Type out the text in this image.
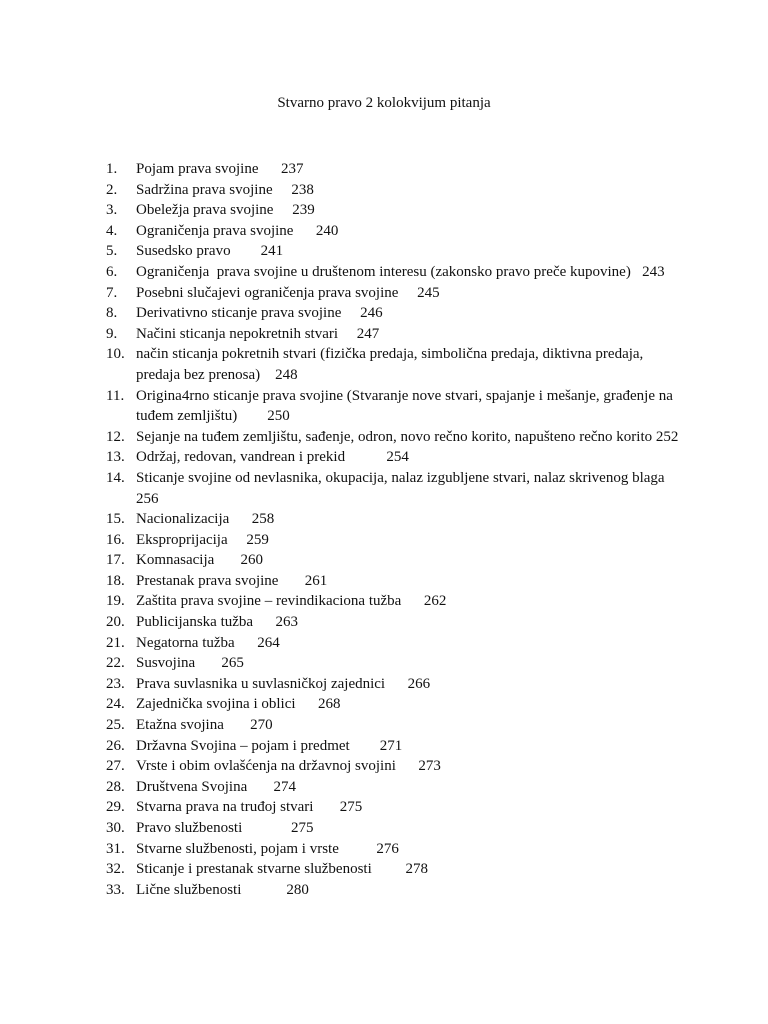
Stvarno pravo 2 kolokvijum pitanja
1.	Pojam prava svojine      237
2.	Sadržina prava svojine     238
3.	Obeležja prava svojine     239
4.	Ograničenja prava svojine      240
5.	Susedsko pravo        241
6.	Ograničenja  prava svojine u društenom interesu (zakonsko pravo preče kupovine)   243
7.	Posebni slučajevi ograničenja prava svojine     245
8.	Derivativno sticanje prava svojine     246
9.	Načini sticanja nepokretnih stvari     247
10. način sticanja pokretnih stvari (fizička predaja, simbolična predaja, diktivna predaja, predaja bez prenosa)    248
11. Origina4rno sticanje prava svojine (Stvaranje nove stvari, spajanje i mešanje, građenje na tuđem zemljištu)        250
12. Sejanje na tuđem zemljištu, sađenje, odron, novo rečno korito, napušteno rečno korito 252
13. Održaj, redovan, vandrean i prekid           254
14. Sticanje svojine od nevlasnika, okupacija, nalaz izgubljene stvari, nalaz skrivenog blaga 256
15. Nacionalizacija      258
16. Eksproprijacija     259
17. Komnasacija       260
18. Prestanak prava svojine       261
19. Zaštita prava svojine – revindikaciona tužba      262
20. Publicijanska tužba      263
21. Negatorna tužba      264
22. Susvojina       265
23. Prava suvlasnika u suvlasničkoj zajednici      266
24. Zajednička svojina i oblici      268
25. Etažna svojina       270
26. Državna Svojina – pojam i predmet        271
27. Vrste i obim ovlašćenja na državnoj svojini      273
28. Društvena Svojina       274
29. Stvarna prava na truđoj stvari       275
30. Pravo službenosti             275
31. Stvarne službenosti, pojam i vrste          276
32. Sticanje i prestanak stvarne službenosti         278
33. Lične službenosti            280
